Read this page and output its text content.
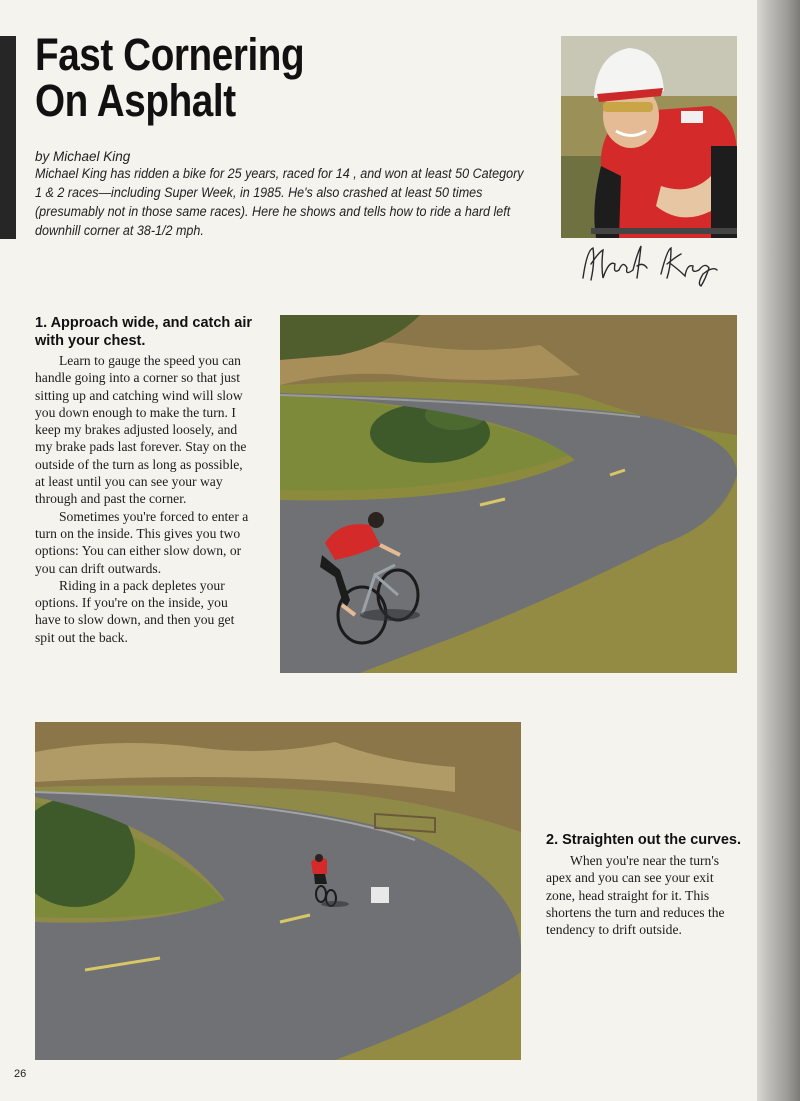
Fast Cornering
On Asphalt
by Michael King
Michael King has ridden a bike for 25 years, raced for 14 , and won at least 50 Category 1 & 2 races—including Super Week, in 1985. He's also crashed at least 50 times (presumably not in those same races). Here he shows and tells how to ride a hard left downhill corner at 38-1/2 mph.
1. Approach wide, and catch air with your chest.

Learn to gauge the speed you can handle going into a corner so that just sitting up and catching wind will slow you down enough to make the turn. I keep my brakes adjusted loosely, and my brake pads last forever. Stay on the outside of the turn as long as possible, at least until you can see your way through and past the corner.

Sometimes you're forced to enter a turn on the inside. This gives you two options: You can either slow down, or you can drift outwards.

Riding in a pack depletes your options. If you're on the inside, you have to slow down, and then you get spit out the back.

2. Straighten out the curves.

When you're near the turn's apex and you can see your exit zone, head straight for it. This shortens the turn and reduces the tendency to drift outside.

26
